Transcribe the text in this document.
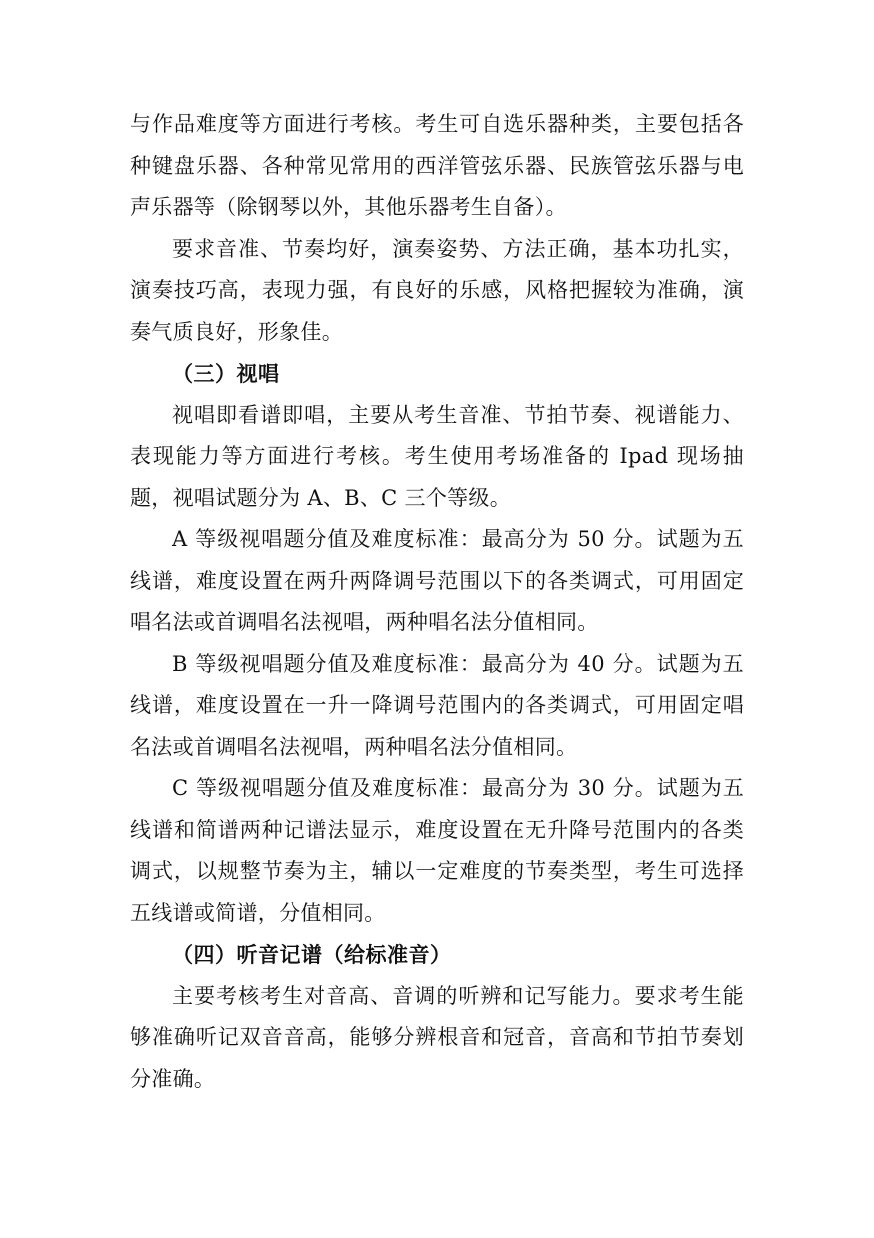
与作品难度等方面进行考核。考生可自选乐器种类，主要包括各种键盘乐器、各种常见常用的西洋管弦乐器、民族管弦乐器与电声乐器等（除钢琴以外，其他乐器考生自备）。

要求音准、节奏均好，演奏姿势、方法正确，基本功扎实，演奏技巧高，表现力强，有良好的乐感，风格把握较为准确，演奏气质良好，形象佳。

（三）视唱

视唱即看谱即唱，主要从考生音准、节拍节奏、视谱能力、表现能力等方面进行考核。考生使用考场准备的 Ipad 现场抽题，视唱试题分为 A、B、C 三个等级。

A 等级视唱题分值及难度标准：最高分为 50 分。试题为五线谱，难度设置在两升两降调号范围以下的各类调式，可用固定唱名法或首调唱名法视唱，两种唱名法分值相同。

B 等级视唱题分值及难度标准：最高分为 40 分。试题为五线谱，难度设置在一升一降调号范围内的各类调式，可用固定唱名法或首调唱名法视唱，两种唱名法分值相同。

C 等级视唱题分值及难度标准：最高分为 30 分。试题为五线谱和简谱两种记谱法显示，难度设置在无升降号范围内的各类调式，以规整节奏为主，辅以一定难度的节奏类型，考生可选择五线谱或简谱，分值相同。

（四）听音记谱（给标准音）

主要考核考生对音高、音调的听辨和记写能力。要求考生能够准确听记双音音高，能够分辨根音和冠音，音高和节拍节奏划分准确。
